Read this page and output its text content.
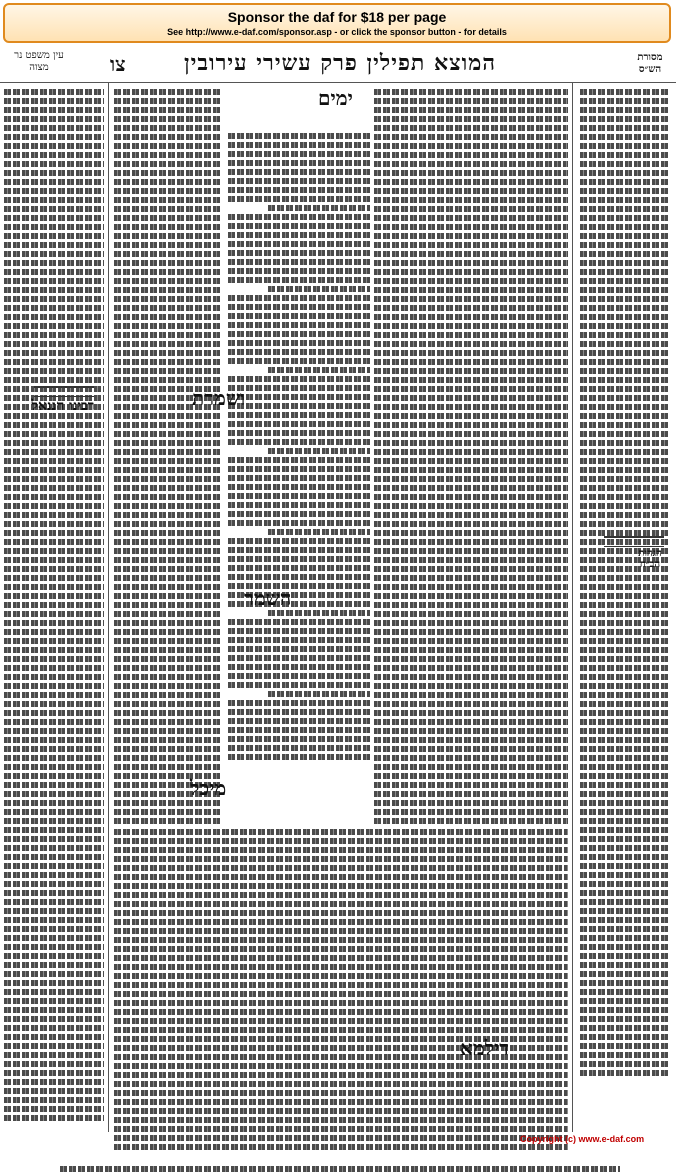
Sponsor the daf for $18 per page
See http://www.e-daf.com/sponsor.asp - or click the sponsor button - for details
מסורת הש״ס
המוצא תפילין פרק עשירי עירובין
צו
עין משפט נר מצוה
ימים
ושמרת
השמר
מיכל
דילמא
רבינו חננאל
הגהות הב״ח
Copyright (c) www.e-daf.com
